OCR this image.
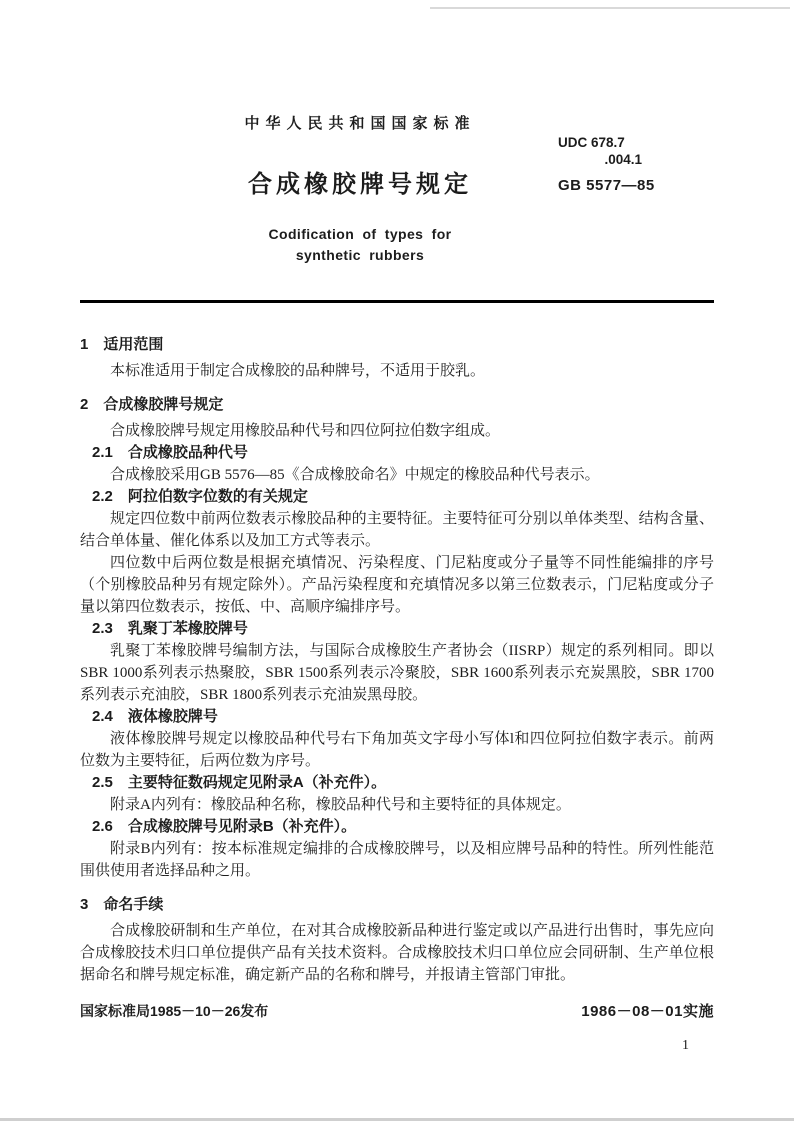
中华人民共和国国家标准
UDC 678.7
.004.1
GB 5577—85
合成橡胶牌号规定
Codification of types for
synthetic rubbers
1　适用范围
本标准适用于制定合成橡胶的品种牌号，不适用于胶乳。
2　合成橡胶牌号规定
合成橡胶牌号规定用橡胶品种代号和四位阿拉伯数字组成。
2.1　合成橡胶品种代号
合成橡胶采用GB 5576—85《合成橡胶命名》中规定的橡胶品种代号表示。
2.2　阿拉伯数字位数的有关规定
规定四位数中前两位数表示橡胶品种的主要特征。主要特征可分别以单体类型、结构含量、结合单体量、催化体系以及加工方式等表示。
四位数中后两位数是根据充填情况、污染程度、门尼粘度或分子量等不同性能编排的序号（个别橡胶品种另有规定除外）。产品污染程度和充填情况多以第三位数表示，门尼粘度或分子量以第四位数表示，按低、中、高顺序编排序号。
2.3　乳聚丁苯橡胶牌号
乳聚丁苯橡胶牌号编制方法，与国际合成橡胶生产者协会（IISRP）规定的系列相同。即以SBR 1000系列表示热聚胶，SBR 1500系列表示冷聚胶，SBR 1600系列表示充炭黑胶，SBR 1700系列表示充油胶，SBR 1800系列表示充油炭黑母胶。
2.4　液体橡胶牌号
液体橡胶牌号规定以橡胶品种代号右下角加英文字母小写体l和四位阿拉伯数字表示。前两位数为主要特征，后两位数为序号。
2.5　主要特征数码规定见附录A（补充件）。
附录A内列有：橡胶品种名称，橡胶品种代号和主要特征的具体规定。
2.6　合成橡胶牌号见附录B（补充件）。
附录B内列有：按本标准规定编排的合成橡胶牌号，以及相应牌号品种的特性。所列性能范围供使用者选择品种之用。
3　命名手续
合成橡胶研制和生产单位，在对其合成橡胶新品种进行鉴定或以产品进行出售时，事先应向合成橡胶技术归口单位提供产品有关技术资料。合成橡胶技术归口单位应会同研制、生产单位根据命名和牌号规定标准，确定新产品的名称和牌号，并报请主管部门审批。
国家标准局1985－10－26发布	1986－08－01实施
1
